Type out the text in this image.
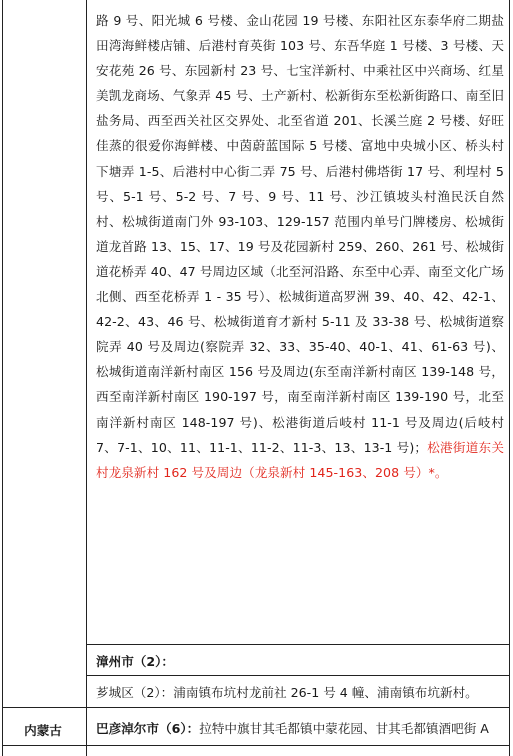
路 9 号、阳光城 6 号楼、金山花园 19 号楼、东阳社区东泰华府二期盐田湾海鲜楼店铺、后港村育英街 103 号、东吾华庭 1 号楼、3 号楼、天安花苑 26 号、东园新村 23 号、七宝洋新村、中乘社区中兴商场、红星美凯龙商场、气象弄 45 号、土产新村、松新街东至松新街路口、南至旧盐务局、西至西关社区交界处、北至省道 201、长溪兰庭 2 号楼、好旺佳蒸的很爱你海鲜楼、中茵蔚蓝国际 5 号楼、富地中央城小区、桥头村下塘弄 1-5、后港村中心街二弄 75 号、后港村佛塔街 17 号、利埕村 5 号、5-1 号、5-2 号、7 号、9 号、11 号、沙江镇坡头村渔民沃自然村、松城街道南门外 93-103、129-157 范围内单号门牌楼房、松城街道龙首路 13、15、17、19 号及花园新村 259、260、261 号、松城街道花桥弄 40、47 号周边区域（北至河沿路、东至中心弄、南至文化广场北侧、西至花桥弄 1 - 35 号）、松城街道高罗洲 39、40、42、42-1、42-2、43、46 号、松城街道育才新村 5-11 及 33-38 号、松城街道察院弄 40 号及周边(察院弄 32、33、35-40、40-1、41、61-63 号)、松城街道南洋新村南区 156 号及周边(东至南洋新村南区 139-148 号，西至南洋新村南区 190-197 号，南至南洋新村南区 139-190 号，北至南洋新村南区 148-197 号)、松港街道后岐村 11-1 号及周边(后岐村 7、7-1、10、11、11-1、11-2、11-3、13、13-1 号)；松港街道东关村龙泉新村 162 号及周边（龙泉新村 145-163、208 号）*。
漳州市（2）：
芗城区（2）：浦南镇布坑村龙前社 26-1 号 4 幢、浦南镇布坑新村。
内蒙古	巴彦淖尔市（6）：拉特中旗甘其毛都镇中蒙花园、甘其毛都镇酒吧街 A
